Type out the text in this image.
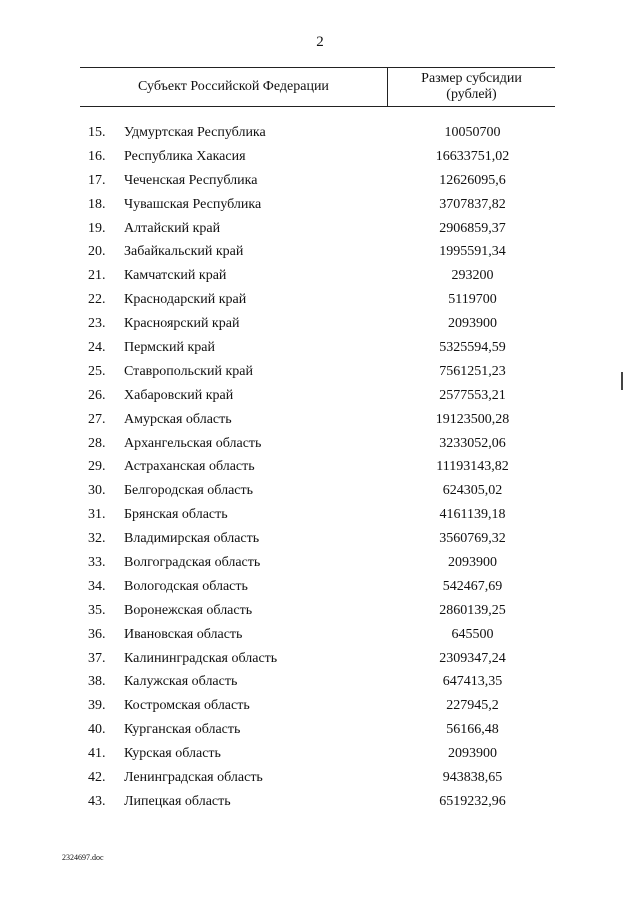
2
Субъект Российской Федерации
Размер субсидии
(рублей)
15.	Удмуртская Республика	10050700
16.	Республика Хакасия	16633751,02
17.	Чеченская Республика	12626095,6
18.	Чувашская Республика	3707837,82
19.	Алтайский край	2906859,37
20.	Забайкальский край	1995591,34
21.	Камчатский край	293200
22.	Краснодарский край	5119700
23.	Красноярский край	2093900
24.	Пермский край	5325594,59
25.	Ставропольский край	7561251,23
26.	Хабаровский край	2577553,21
27.	Амурская область	19123500,28
28.	Архангельская область	3233052,06
29.	Астраханская область	11193143,82
30.	Белгородская область	624305,02
31.	Брянская область	4161139,18
32.	Владимирская область	3560769,32
33.	Волгоградская область	2093900
34.	Вологодская область	542467,69
35.	Воронежская область	2860139,25
36.	Ивановская область	645500
37.	Калининградская область	2309347,24
38.	Калужская область	647413,35
39.	Костромская область	227945,2
40.	Курганская область	56166,48
41.	Курская область	2093900
42.	Ленинградская область	943838,65
43.	Липецкая область	6519232,96
2324697.doc
